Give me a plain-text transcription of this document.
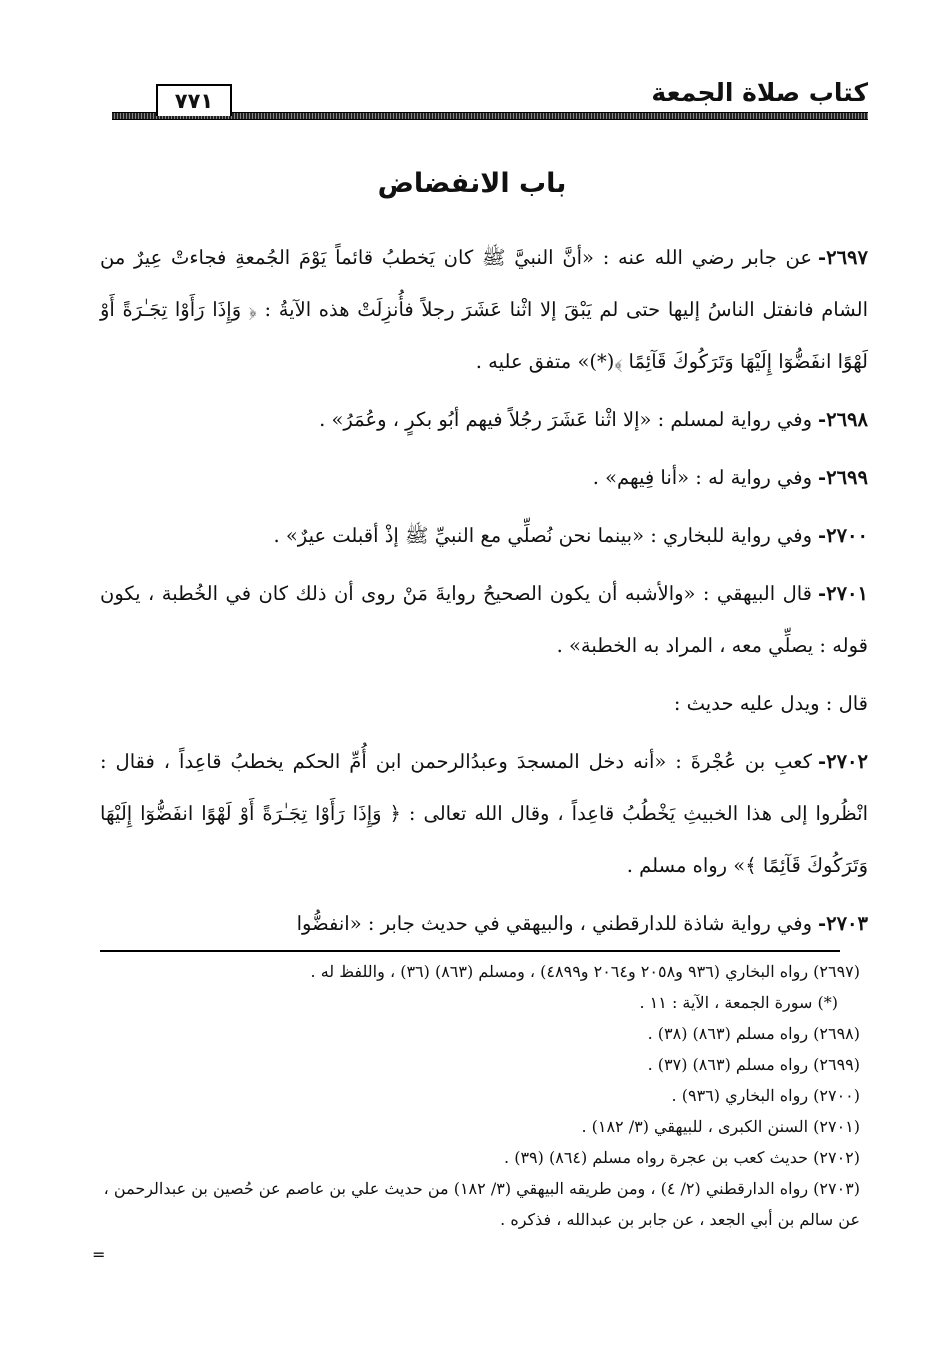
كتاب صلاة الجمعة
٧٧١
باب الانفضاض

٢٦٩٧-عن جابر رضي الله عنه : «أنَّ النبيَّ ﷺ كان يَخطبُ قائماً يَوْمَ الجُمعةِ فجاءتْ عِيرٌ من الشام فانفتل الناسُ إليها حتى لم يَبْقَ إلا اثْنا عَشَرَ رجلاً فأُنزِلَتْ هذه الآيةُ : ﴿ وَإِذَا رَأَوْا تِجَـٰرَةً أَوْ لَهْوًا انفَضُّوٓا إِلَيْهَا وَتَرَكُوكَ قَآئِمًا ﴾(*)» متفق عليه .

٢٦٩٨-وفي رواية لمسلم : «إلا اثْنا عَشَرَ رجُلاً فيهم أبُو بكرٍ ، وعُمَرُ» .

٢٦٩٩-وفي رواية له : «أنا فِيهم» .

٢٧٠٠-وفي رواية للبخاري : «بينما نحن نُصلِّي مع النبيِّ ﷺ إذْ أقبلت عيرٌ» .

٢٧٠١-قال البيهقي : «والأشبه أن يكون الصحيحُ روايةَ مَنْ روى أن ذلك كان في الخُطبة ، يكون قوله : يصلِّي معه ، المراد به الخطبة» .

قال : ويدل عليه حديث :

٢٧٠٢-كعبِ بن عُجْرةَ : «أنه دخل المسجدَ وعبدُالرحمن ابن أُمِّ الحكم يخطبُ قاعِداً ، فقال : انْظُروا إلى هذا الخبيثِ يَخْطُبُ قاعِداً ، وقال الله تعالى : ﴿ وَإِذَا رَأَوْا تِجَـٰرَةً أَوْ لَهْوًا انفَضُّوٓا إِلَيْهَا وَتَرَكُوكَ قَآئِمًا ﴾» رواه مسلم .

٢٧٠٣-وفي رواية شاذة للدارقطني ، والبيهقي في حديث جابر : «انفضُّوا

(٢٦٩٧) رواه البخاري (٩٣٦ و٢٠٥٨ و٢٠٦٤ و٤٨٩٩) ، ومسلم (٨٦٣) (٣٦) ، واللفظ له .

(*) سورة الجمعة ، الآية : ١١ .

(٢٦٩٨) رواه مسلم (٨٦٣) (٣٨) .

(٢٦٩٩) رواه مسلم (٨٦٣) (٣٧) .

(٢٧٠٠) رواه البخاري (٩٣٦) .

(٢٧٠١) السنن الكبرى ، للبيهقي (٣/ ١٨٢) .

(٢٧٠٢) حديث كعب بن عجرة رواه مسلم (٨٦٤) (٣٩) .

(٢٧٠٣) رواه الدارقطني (٢/ ٤) ، ومن طريقه البيهقي (٣/ ١٨٢) من حديث علي بن عاصم عن حُصين بن عبدالرحمن ، عن سالم بن أبي الجعد ، عن جابر بن عبدالله ، فذكره .

=
